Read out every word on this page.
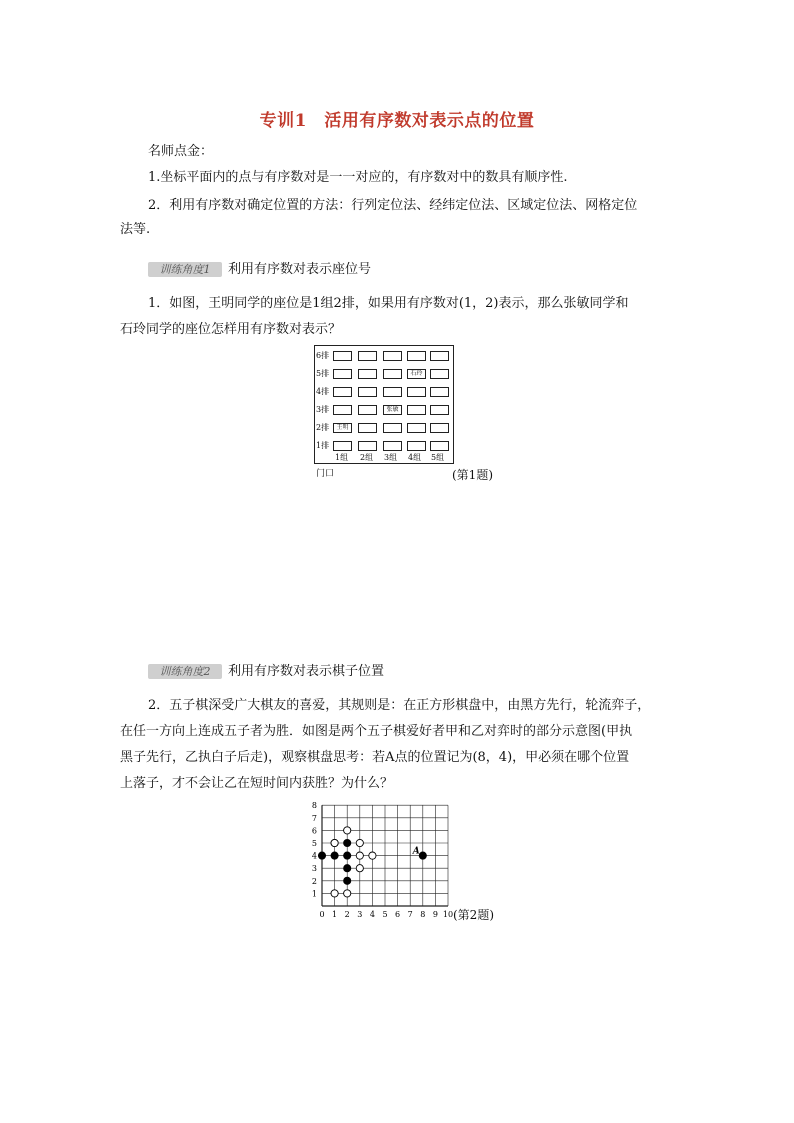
专训1　活用有序数对表示点的位置
名师点金：
1.坐标平面内的点与有序数对是一一对应的，有序数对中的数具有顺序性.
2．利用有序数对确定位置的方法：行列定位法、经纬定位法、区域定位法、网格定位
法等.
训练角度1 利用有序数对表示座位号
1．如图，王明同学的座位是1组2排，如果用有序数对(1，2)表示，那么张敏同学和
石玲同学的座位怎样用有序数对表示？
6排
5排
4排
3排
2排
1排
石玲
张敏
王明
1组 2组 3组 4组 5组
门口	(第1题)
训练角度2 利用有序数对表示棋子位置
2．五子棋深受广大棋友的喜爱，其规则是：在正方形棋盘中，由黑方先行，轮流弈子，
在任一方向上连成五子者为胜．如图是两个五子棋爱好者甲和乙对弈时的部分示意图(甲执
黑子先行，乙执白子后走)，观察棋盘思考：若A点的位置记为(8，4)，甲必须在哪个位置
上落子，才不会让乙在短时间内获胜？为什么？
0 1 2 3 4 5 6 7 8 9 10
1
2
3
4
5
6
7
8
A
(第2题)
